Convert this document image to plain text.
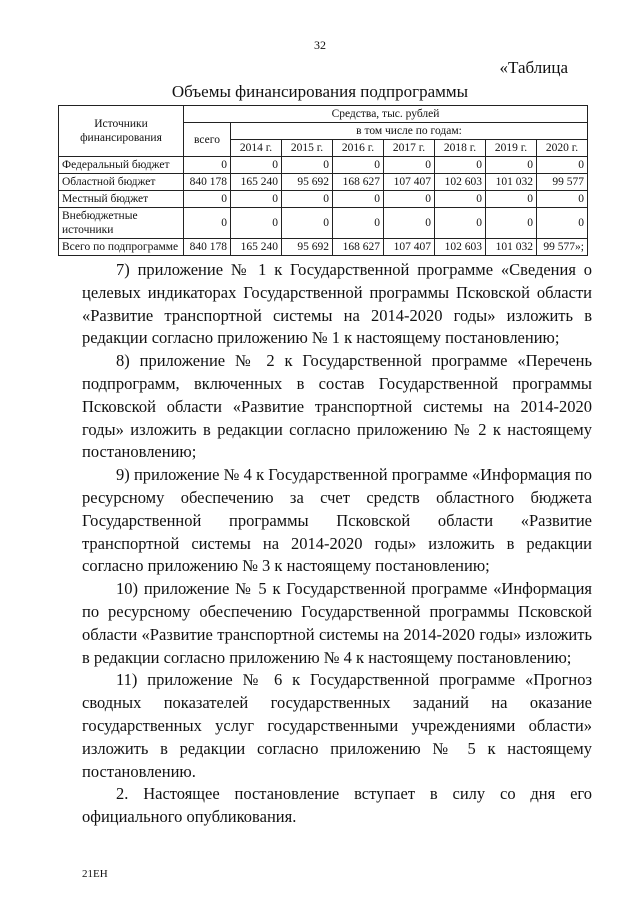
32
«Таблица
Объемы финансирования подпрограммы
Источники финансирования	Средства, тыс. рублей							
	всего	в том числе по годам:						
		2014 г.	2015 г.	2016 г.	2017 г.	2018 г.	2019 г.	2020 г.
Федеральный бюджет	0	0	0	0	0	0	0	0
Областной бюджет	840 178	165 240	95 692	168 627	107 407	102 603	101 032	99 577
Местный бюджет	0	0	0	0	0	0	0	0
Внебюджетные источники	0	0	0	0	0	0	0	0
Всего по подпрограмме	840 178	165 240	95 692	168 627	107 407	102 603	101 032	99 577»;

7) приложение № 1 к Государственной программе «Сведения о целевых индикаторах Государственной программы Псковской области «Развитие транспортной системы на 2014-2020 годы» изложить в редакции согласно приложению № 1 к настоящему постановлению;

8) приложение № 2 к Государственной программе «Перечень подпрограмм, включенных в состав Государственной программы Псковской области «Развитие транспортной системы на 2014-2020 годы» изложить в редакции согласно приложению № 2 к настоящему постановлению;

9) приложение № 4 к Государственной программе «Информация по ресурсному обеспечению за счет средств областного бюджета Государственной программы Псковской области «Развитие транспортной системы на 2014-2020 годы» изложить в редакции согласно приложению № 3 к настоящему постановлению;

10) приложение № 5 к Государственной программе «Информация по ресурсному обеспечению Государственной программы Псковской области «Развитие транспортной системы на 2014-2020 годы» изложить в редакции согласно приложению № 4 к настоящему постановлению;

11) приложение № 6 к Государственной программе «Прогноз сводных показателей государственных заданий на оказание государственных услуг государственными учреждениями области» изложить в редакции согласно приложению № 5 к настоящему постановлению.

2. Настоящее постановление вступает в силу со дня его официального опубликования.

21ЕН
